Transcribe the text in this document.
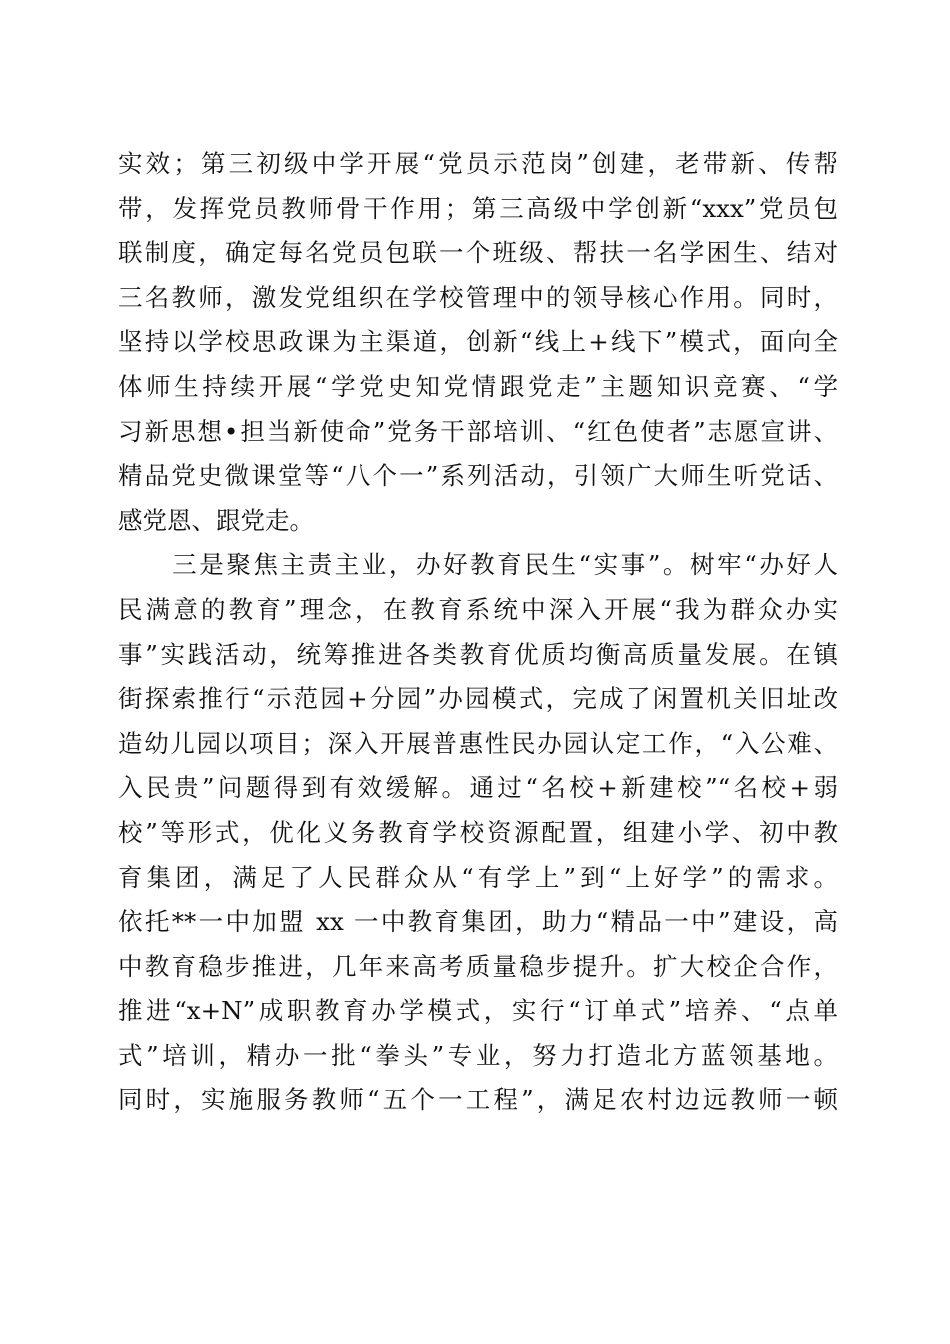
实效；第三初级中学开展“党员示范岗”创建，老带新、传帮
带，发挥党员教师骨干作用；第三高级中学创新“xxx”党员包
联制度，确定每名党员包联一个班级、帮扶一名学困生、结对
三名教师，激发党组织在学校管理中的领导核心作用。同时，
坚持以学校思政课为主渠道，创新“线上+线下”模式，面向全
体师生持续开展“学党史知党情跟党走”主题知识竞赛、“学
习新思想•担当新使命”党务干部培训、“红色使者”志愿宣讲、
精品党史微课堂等“八个一”系列活动，引领广大师生听党话、
感党恩、跟党走。
　　三是聚焦主责主业，办好教育民生“实事”。树牢“办好人
民满意的教育”理念，在教育系统中深入开展“我为群众办实
事”实践活动，统筹推进各类教育优质均衡高质量发展。在镇
街探索推行“示范园+分园”办园模式，完成了闲置机关旧址改
造幼儿园以项目；深入开展普惠性民办园认定工作，“入公难、
入民贵”问题得到有效缓解。通过“名校+新建校”“名校+弱
校”等形式，优化义务教育学校资源配置，组建小学、初中教
育集团，满足了人民群众从“有学上”到“上好学”的需求。
依托**一中加盟 xx 一中教育集团，助力“精品一中”建设，高
中教育稳步推进，几年来高考质量稳步提升。扩大校企合作，
推进“x+N”成职教育办学模式，实行“订单式”培养、“点单
式”培训，精办一批“拳头”专业，努力打造北方蓝领基地。
同时，实施服务教师“五个一工程”，满足农村边远教师一顿
